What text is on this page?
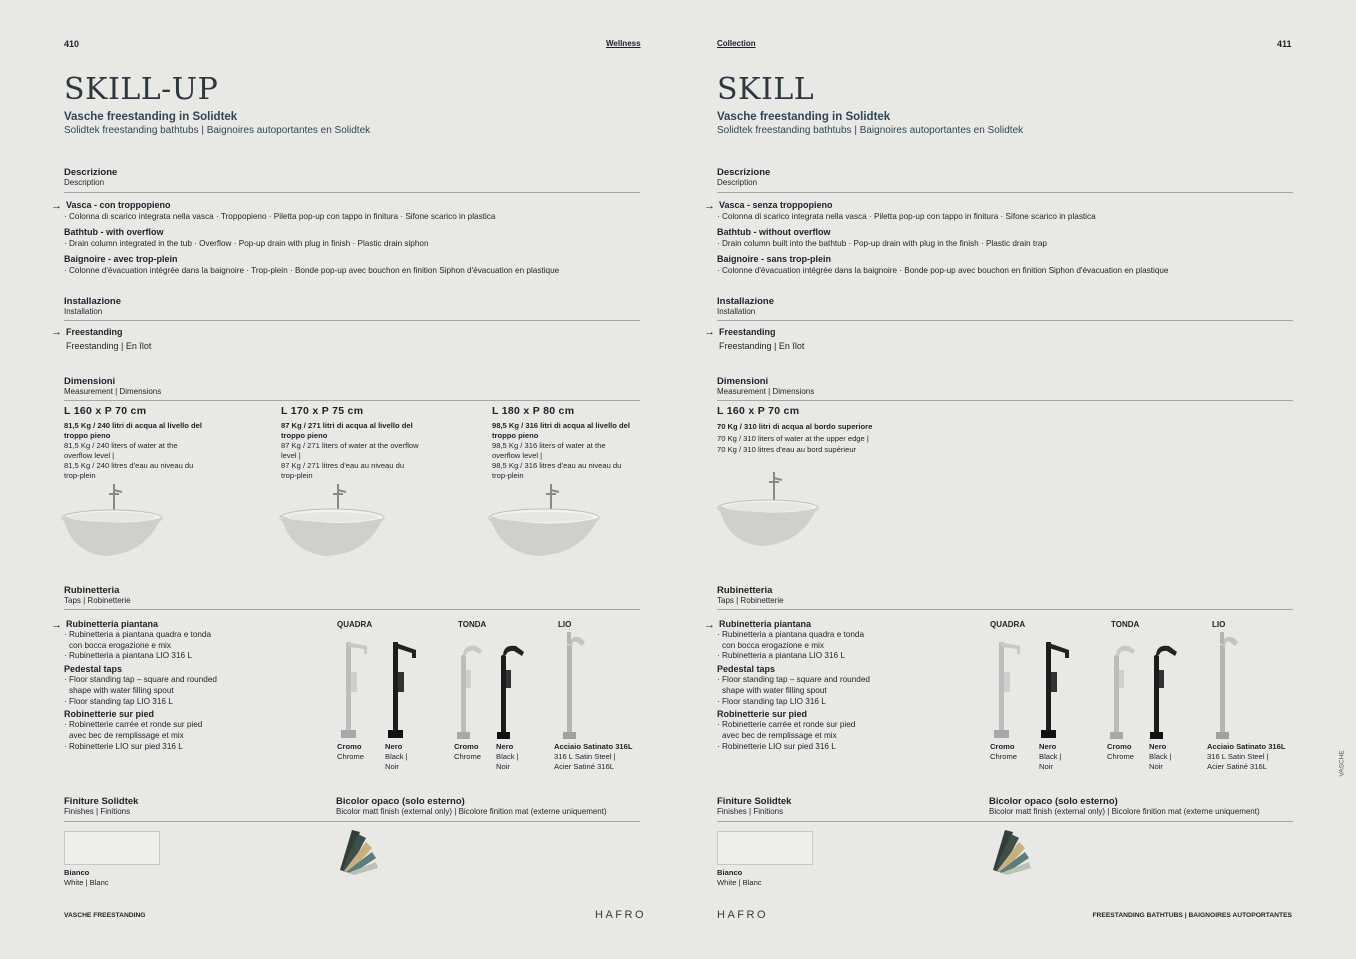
410	Wellness
SKILL-UP
Vasche freestanding in Solidtek
Solidtek freestanding bathtubs | Baignoires autoportantes en Solidtek
Descrizione
Description
→ Vasca - con troppopieno
· Colonna di scarico integrata nella vasca · Troppopieno · Piletta pop-up con tappo in finitura · Sifone scarico in plastica
Bathtub - with overflow
· Drain column integrated in the tub · Overflow · Pop-up drain with plug in finish · Plastic drain siphon
Baignoire - avec trop-plein
· Colonne d'évacuation intégrée dans la baignoire · Trop-plein · Bonde pop-up avec bouchon en finition Siphon d'évacuation en plastique
Installazione
Installation
→ Freestanding
Freestanding | En îlot
Dimensioni
Measurement | Dimensions
L 160 x P 70 cm
81,5 Kg / 240 litri di acqua al livello del troppo pieno
81,5 Kg / 240 liters of water at the overflow level |
81,5 Kg / 240 litres d'eau au niveau du trop-plein
L 170 x P 75 cm
87 Kg / 271 litri di acqua al livello del troppo pieno
87 Kg / 271 liters of water at the overflow level |
87 Kg / 271 litres d'eau au niveau du trop-plein
L 180 x P 80 cm
98,5 Kg / 316 litri di acqua al livello del troppo pieno
98,5 Kg / 316 liters of water at the overflow level |
98,5 Kg / 316 litres d'eau au niveau du trop-plein
Rubinetteria
Taps | Robinetterie
→ Rubinetteria piantana
· Rubinetteria a piantana quadra e tonda
con bocca erogazione e mix
· Rubinetteria a piantana LIO 316 L
Pedestal taps
· Floor standing tap – square and rounded
shape with water filling spout
· Floor standing tap LIO 316 L
Robinetterie sur pied
· Robinetterie carrée et ronde sur pied
avec bec de remplissage et mix
· Robinetterie LIO sur pied 316 L
QUADRA	TONDA	LIO
Cromo
Chrome
Nero
Black |
Noir
Cromo
Chrome
Nero
Black |
Noir
Acciaio Satinato 316L
316 L Satin Steel |
Acier Satiné 316L
Finiture Solidtek
Finishes | Finitions
Bicolor opaco (solo esterno)
Bicolor matt finish (external only) | Bicolore finition mat (externe uniquement)
Bianco
White | Blanc
VASCHE FREESTANDING	HAFRO
Collection	411
SKILL
Vasche freestanding in Solidtek
Solidtek freestanding bathtubs | Baignoires autoportantes en Solidtek
Descrizione
Description
→ Vasca - senza troppopieno
· Colonna di scarico integrata nella vasca · Piletta pop-up con tappo in finitura · Sifone scarico in plastica
Bathtub - without overflow
· Drain column built into the bathtub · Pop-up drain with plug in the finish · Plastic drain trap
Baignoire - sans trop-plein
· Colonne d'évacuation intégrée dans la baignoire · Bonde pop-up avec bouchon en finition Siphon d'évacuation en plastique
Installazione
Installation
→ Freestanding
Freestanding | En îlot
Dimensioni
Measurement | Dimensions
L 160 x P 70 cm
70 Kg / 310 litri di acqua al bordo superiore
70 Kg / 310 liters of water at the upper edge |
70 Kg / 310 litres d'eau au bord supérieur
Rubinetteria
Taps | Robinetterie
→ Rubinetteria piantana
· Rubinetteria a piantana quadra e tonda
con bocca erogazione e mix
· Rubinetteria a piantana LIO 316 L
Pedestal taps
· Floor standing tap – square and rounded
shape with water filling spout
· Floor standing tap LIO 316 L
Robinetterie sur pied
· Robinetterie carrée et ronde sur pied
avec bec de remplissage et mix
· Robinetterie LIO sur pied 316 L
QUADRA	TONDA	LIO
Cromo
Chrome
Nero
Black |
Noir
Cromo
Chrome
Nero
Black |
Noir
Acciaio Satinato 316L
316 L Satin Steel |
Acier Satiné 316L
Finiture Solidtek
Finishes | Finitions
Bicolor opaco (solo esterno)
Bicolor matt finish (external only) | Bicolore finition mat (externe uniquement)
Bianco
White | Blanc
HAFRO	FREESTANDING BATHTUBS | BAIGNOIRES AUTOPORTANTES
VASCHE
